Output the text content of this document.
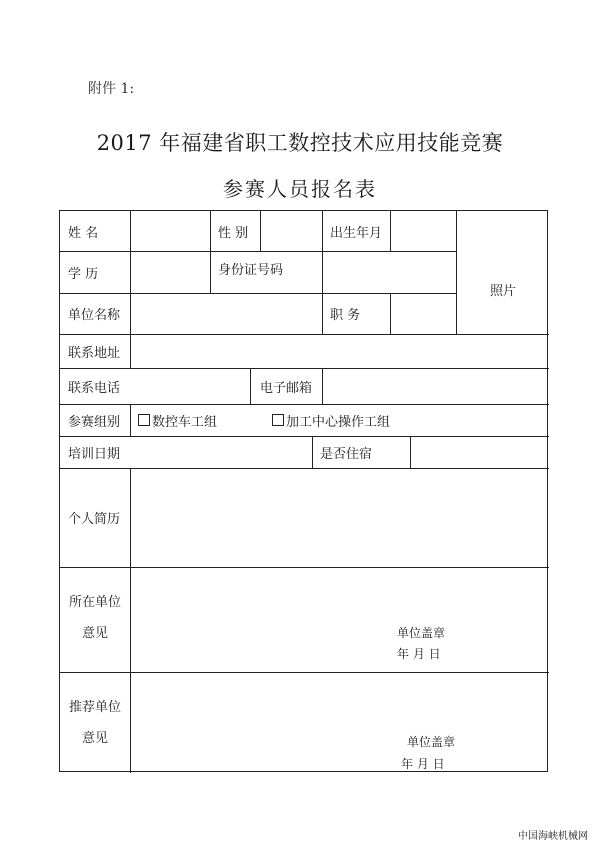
附件 1:
2017 年福建省职工数控技术应用技能竞赛
参赛人员报名表
姓 名	性 别	出生年月
学 历	身份证号码
照片
单位名称	职 务
联系地址
联系电话	电子邮箱
参赛组别	数控车工组	加工中心操作工组
培训日期	是否住宿
个人简历
所在单位
意见	单位盖章
年 月 日
推荐单位
意见	单位盖章
年 月 日
中国海峡机械网
